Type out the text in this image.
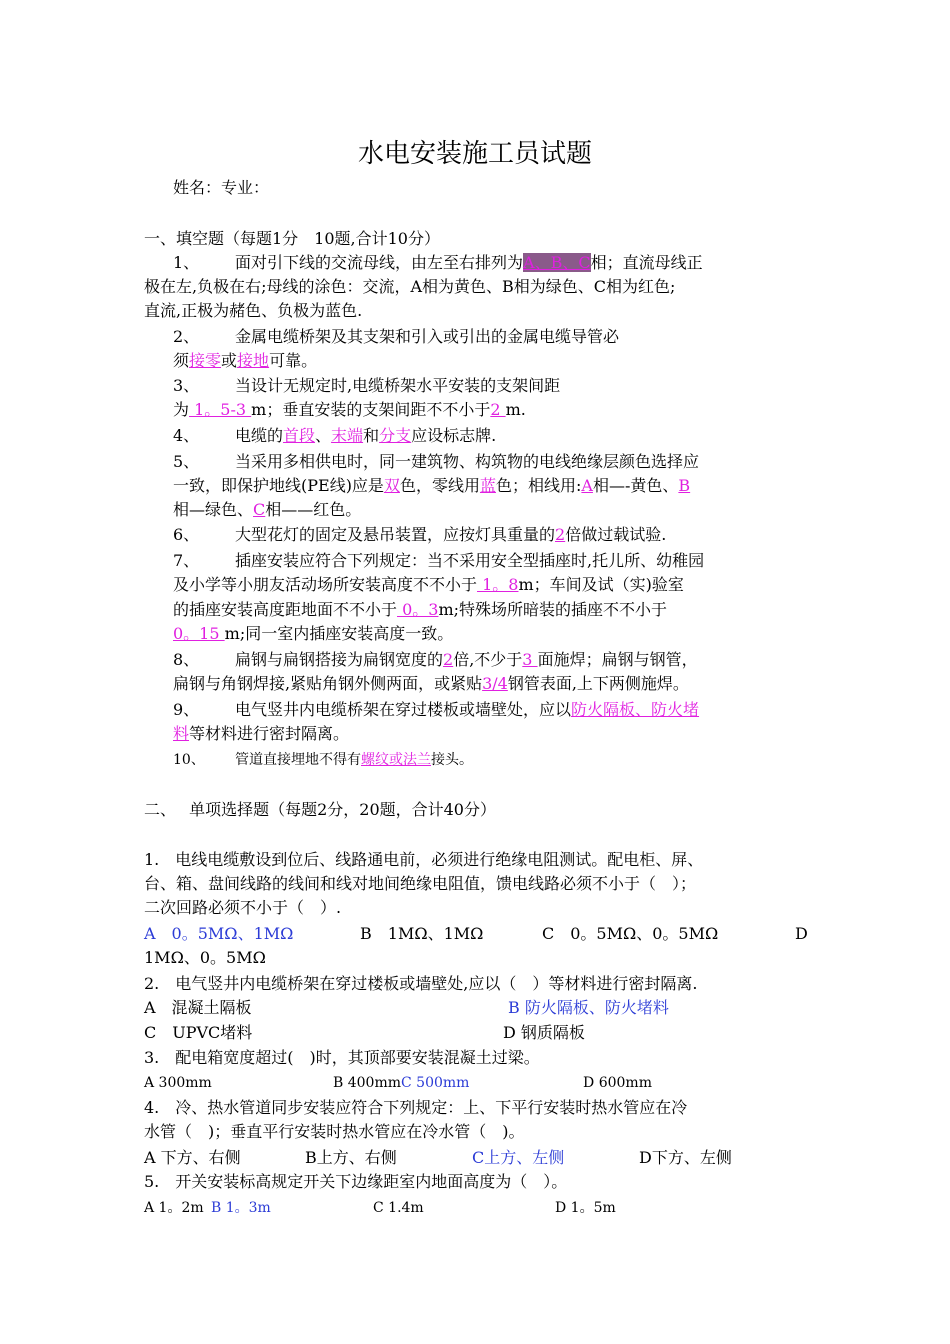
水电安装施工员试题
姓名：专业：
一、填空题（每题1分　10题,合计10分）
1、 面对引下线的交流母线，由左至右排列为A、B、C相；直流母线正
极在左,负极在右;母线的涂色：交流，A相为黄色、B相为绿色、C相为红色;
直流,正极为赭色、负极为蓝色.
2、 金属电缆桥架及其支架和引入或引出的金属电缆导管必
须接零或接地可靠。
3、 当设计无规定时,电缆桥架水平安装的支架间距
为 1。5-3 m；垂直安装的支架间距不不小于2 m.
4、 电缆的首段、末端和分支应设标志牌.
5、 当采用多相供电时，同一建筑物、构筑物的电线绝缘层颜色选择应
一致，即保护地线(PE线)应是双色，零线用蓝色；相线用:A相—-黄色、B
相—绿色、C相——红色。
6、 大型花灯的固定及悬吊装置，应按灯具重量的2倍做过载试验.
7、 插座安装应符合下列规定：当不采用安全型插座时,托儿所、幼稚园
及小学等小朋友活动场所安装高度不不小于 1。8m；车间及试（实)验室
的插座安装高度距地面不不小于 0。3m;特殊场所暗装的插座不不小于
0。15 m;同一室内插座安装高度一致。
8、 扁钢与扁钢搭接为扁钢宽度的2倍,不少于3 面施焊；扁钢与钢管，
扁钢与角钢焊接,紧贴角钢外侧两面，或紧贴3/4钢管表面,上下两侧施焊。
9、 电气竖井内电缆桥架在穿过楼板或墙壁处，应以防火隔板、防火堵
料等材料进行密封隔离。
10、 管道直接埋地不得有螺纹或法兰接头。
二、　 单项选择题（每题2分，20题，合计40分）
1.　电线电缆敷设到位后、线路通电前，必须进行绝缘电阻测试。配电柜、屏、
台、箱、盘间线路的线间和线对地间绝缘电阻值，馈电线路必须不小于（　）；
二次回路必须不小于（　）.
A　0。5MΩ、1MΩ	B　1MΩ、1MΩ	C　0。5MΩ、0。5MΩ	D
1MΩ、0。5MΩ
2.　电气竖井内电缆桥架在穿过楼板或墙壁处,应以（　）等材料进行密封隔离.
A　混凝土隔板	B 防火隔板、防火堵料
C　UPVC堵料	D 钢质隔板
3.　配电箱宽度超过(　)时，其顶部要安装混凝土过梁。
A 300mm	B 400mmC 500mm	D 600mm
4.　冷、热水管道同步安装应符合下列规定：上、下平行安装时热水管应在冷
水管（　)；垂直平行安装时热水管应在冷水管（　)。
A 下方、右侧	B上方、右侧	C上方、左侧	D下方、左侧
5.　开关安装标高规定开关下边缘距室内地面高度为（　）。
A 1。2m B 1。3m	C 1.4m	D 1。5m
